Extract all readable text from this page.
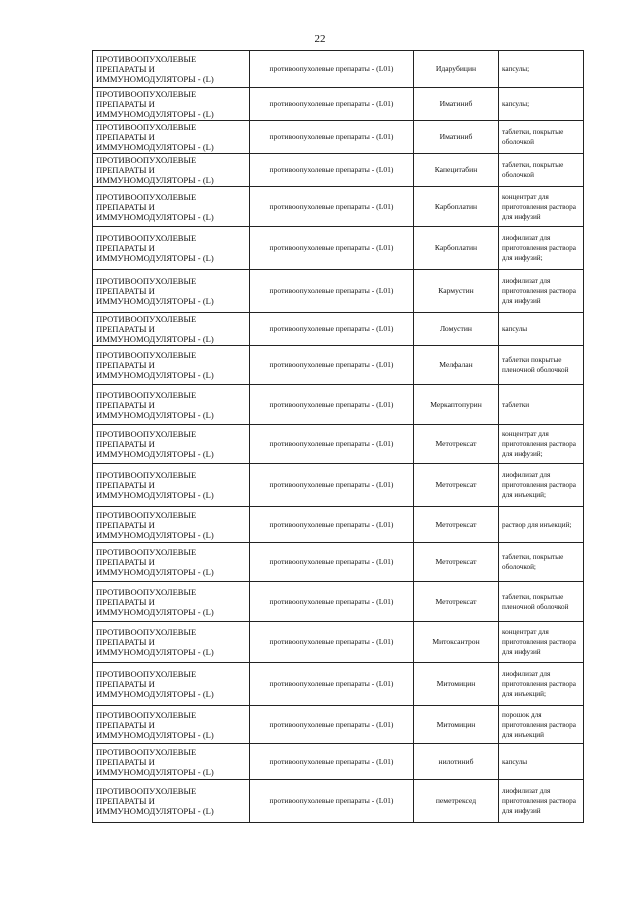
22
ПРОТИВООПУХОЛЕВЫЕ ПРЕПАРАТЫ И ИММУНОМОДУЛЯТОРЫ - (L)	противоопухолевые препараты - (L01)	Идарубицин	капсулы;
ПРОТИВООПУХОЛЕВЫЕ ПРЕПАРАТЫ И ИММУНОМОДУЛЯТОРЫ - (L)	противоопухолевые препараты - (L01)	Иматиниб	капсулы;
ПРОТИВООПУХОЛЕВЫЕ ПРЕПАРАТЫ И ИММУНОМОДУЛЯТОРЫ - (L)	противоопухолевые препараты - (L01)	Иматиниб	таблетки, покрытые оболочкой
ПРОТИВООПУХОЛЕВЫЕ ПРЕПАРАТЫ И ИММУНОМОДУЛЯТОРЫ - (L)	противоопухолевые препараты - (L01)	Капецитабин	таблетки, покрытые оболочкой
ПРОТИВООПУХОЛЕВЫЕ ПРЕПАРАТЫ И ИММУНОМОДУЛЯТОРЫ - (L)	противоопухолевые препараты - (L01)	Карбоплатин	концентрат для приготовления раствора для инфузий
ПРОТИВООПУХОЛЕВЫЕ ПРЕПАРАТЫ И ИММУНОМОДУЛЯТОРЫ - (L)	противоопухолевые препараты - (L01)	Карбоплатин	лиофилизат для приготовления раствора для инфузий;
ПРОТИВООПУХОЛЕВЫЕ ПРЕПАРАТЫ И ИММУНОМОДУЛЯТОРЫ - (L)	противоопухолевые препараты - (L01)	Кармустин	лиофилизат для приготовления раствора для инфузий
ПРОТИВООПУХОЛЕВЫЕ ПРЕПАРАТЫ И ИММУНОМОДУЛЯТОРЫ - (L)	противоопухолевые препараты - (L01)	Ломустин	капсулы
ПРОТИВООПУХОЛЕВЫЕ ПРЕПАРАТЫ И ИММУНОМОДУЛЯТОРЫ - (L)	противоопухолевые препараты - (L01)	Мелфалан	таблетки покрытые пленочной оболочкой
ПРОТИВООПУХОЛЕВЫЕ ПРЕПАРАТЫ И ИММУНОМОДУЛЯТОРЫ - (L)	противоопухолевые препараты - (L01)	Меркаптопурин	таблетки
ПРОТИВООПУХОЛЕВЫЕ ПРЕПАРАТЫ И ИММУНОМОДУЛЯТОРЫ - (L)	противоопухолевые препараты - (L01)	Метотрексат	концентрат для приготовления раствора для инфузий;
ПРОТИВООПУХОЛЕВЫЕ ПРЕПАРАТЫ И ИММУНОМОДУЛЯТОРЫ - (L)	противоопухолевые препараты - (L01)	Метотрексат	лиофилизат для приготовления раствора для инъекций;
ПРОТИВООПУХОЛЕВЫЕ ПРЕПАРАТЫ И ИММУНОМОДУЛЯТОРЫ - (L)	противоопухолевые препараты - (L01)	Метотрексат	раствор для инъекций;
ПРОТИВООПУХОЛЕВЫЕ ПРЕПАРАТЫ И ИММУНОМОДУЛЯТОРЫ - (L)	противоопухолевые препараты - (L01)	Метотрексат	таблетки, покрытые оболочкой;
ПРОТИВООПУХОЛЕВЫЕ ПРЕПАРАТЫ И ИММУНОМОДУЛЯТОРЫ - (L)	противоопухолевые препараты - (L01)	Метотрексат	таблетки, покрытые пленочной оболочкой
ПРОТИВООПУХОЛЕВЫЕ ПРЕПАРАТЫ И ИММУНОМОДУЛЯТОРЫ - (L)	противоопухолевые препараты - (L01)	Митоксантрон	концентрат для приготовления раствора для инфузий
ПРОТИВООПУХОЛЕВЫЕ ПРЕПАРАТЫ И ИММУНОМОДУЛЯТОРЫ - (L)	противоопухолевые препараты - (L01)	Митомицин	лиофилизат для приготовления раствора для инъекций;
ПРОТИВООПУХОЛЕВЫЕ ПРЕПАРАТЫ И ИММУНОМОДУЛЯТОРЫ - (L)	противоопухолевые препараты - (L01)	Митомицин	порошок для приготовления раствора для инъекций
ПРОТИВООПУХОЛЕВЫЕ ПРЕПАРАТЫ И ИММУНОМОДУЛЯТОРЫ - (L)	противоопухолевые препараты - (L01)	нилотиниб	капсулы
ПРОТИВООПУХОЛЕВЫЕ ПРЕПАРАТЫ И ИММУНОМОДУЛЯТОРЫ - (L)	противоопухолевые препараты - (L01)	пеметрексед	лиофилизат для приготовления раствора для инфузий
